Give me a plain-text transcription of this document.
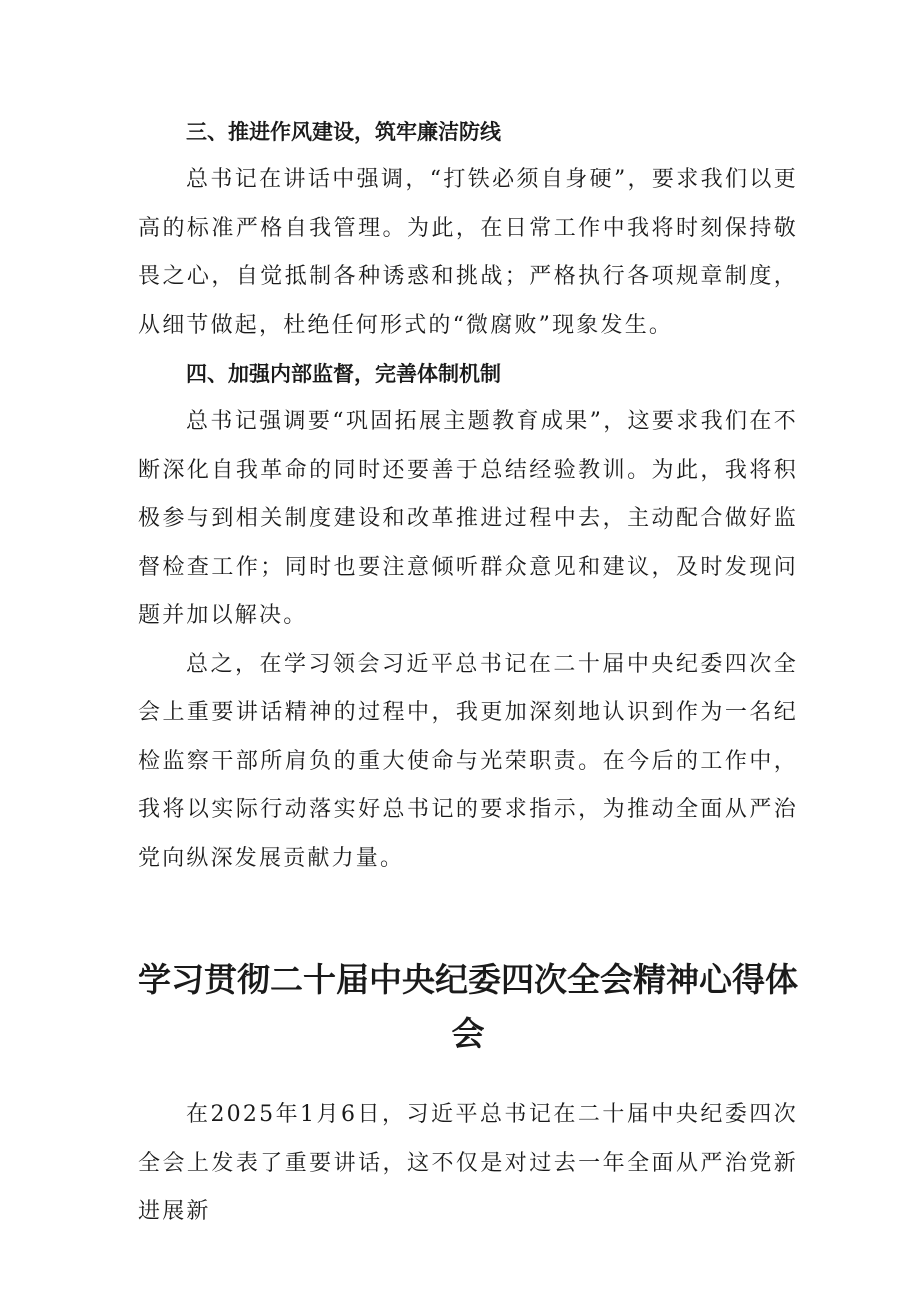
三、推进作风建设，筑牢廉洁防线

总书记在讲话中强调，“打铁必须自身硬”，要求我们以更高的标准严格自我管理。为此，在日常工作中我将时刻保持敬畏之心，自觉抵制各种诱惑和挑战；严格执行各项规章制度，从细节做起，杜绝任何形式的“微腐败”现象发生。

四、加强内部监督，完善体制机制

总书记强调要“巩固拓展主题教育成果”，这要求我们在不断深化自我革命的同时还要善于总结经验教训。为此，我将积极参与到相关制度建设和改革推进过程中去，主动配合做好监督检查工作；同时也要注意倾听群众意见和建议，及时发现问题并加以解决。

总之，在学习领会习近平总书记在二十届中央纪委四次全会上重要讲话精神的过程中，我更加深刻地认识到作为一名纪检监察干部所肩负的重大使命与光荣职责。在今后的工作中，我将以实际行动落实好总书记的要求指示，为推动全面从严治党向纵深发展贡献力量。

学习贯彻二十届中央纪委四次全会精神心得体会

在2025年1月6日，习近平总书记在二十届中央纪委四次全会上发表了重要讲话，这不仅是对过去一年全面从严治党新进展新
